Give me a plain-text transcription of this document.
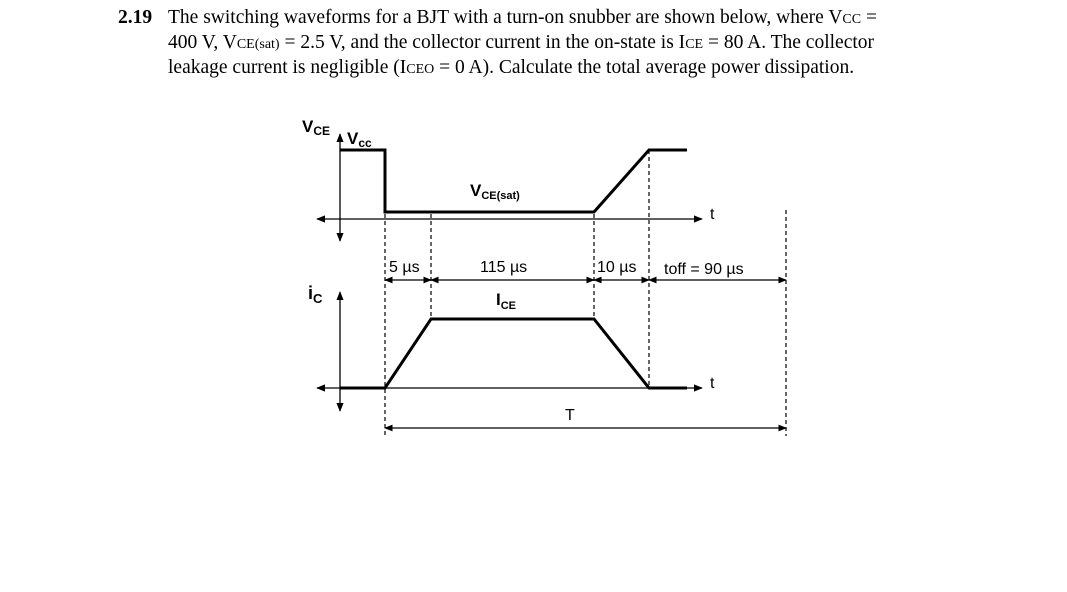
2.19 The switching waveforms for a BJT with a turn-on snubber are shown below, where VCC =
400 V, VCE(sat) = 2.5 V, and the collector current in the on-state is ICE = 80 A. The collector
leakage current is negligible (ICEO = 0 A). Calculate the total average power dissipation.
VCE Vcc
VCE(sat)
t
5 µs	115 µs	10 µs toff = 90 µs
$i_C$	$I_{CE}$
t
T
